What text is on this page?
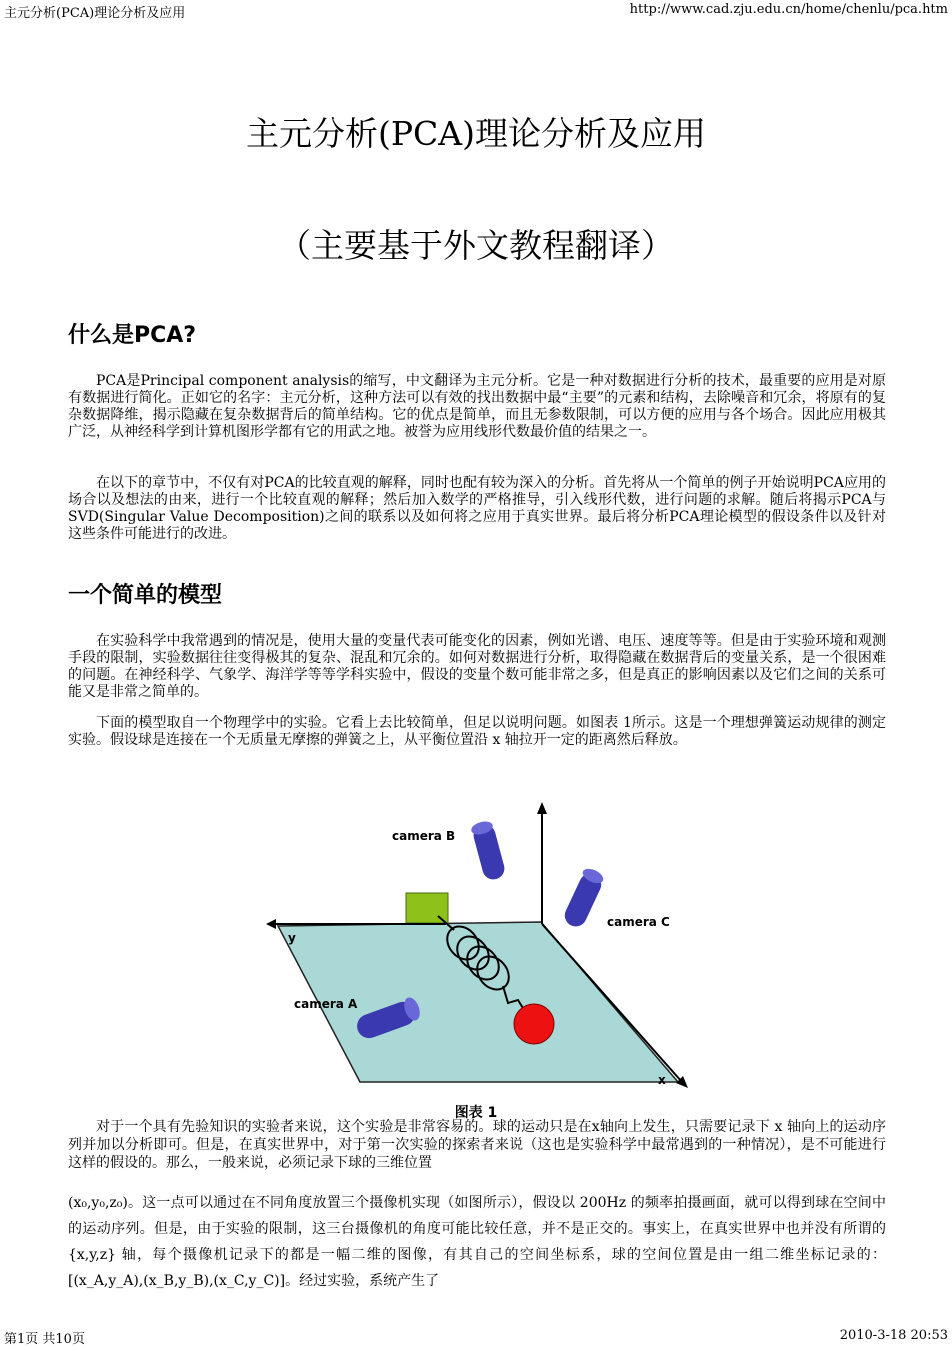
主元分析(PCA)理论分析及应用	http://www.cad.zju.edu.cn/home/chenlu/pca.htm
主元分析(PCA)理论分析及应用
（主要基于外文教程翻译）
什么是PCA?
PCA是Principal component analysis的缩写，中文翻译为主元分析。它是一种对数据进行分析的技术，最重要的应用是对原有数据进行简化。正如它的名字：主元分析，这种方法可以有效的找出数据中最“主要”的元素和结构，去除噪音和冗余，将原有的复杂数据降维，揭示隐藏在复杂数据背后的简单结构。它的优点是简单，而且无参数限制，可以方便的应用与各个场合。因此应用极其广泛，从神经科学到计算机图形学都有它的用武之地。被誉为应用线形代数最价值的结果之一。
在以下的章节中，不仅有对PCA的比较直观的解释，同时也配有较为深入的分析。首先将从一个简单的例子开始说明PCA应用的场合以及想法的由来，进行一个比较直观的解释；然后加入数学的严格推导，引入线形代数，进行问题的求解。随后将揭示PCA与SVD(Singular Value Decomposition)之间的联系以及如何将之应用于真实世界。最后将分析PCA理论模型的假设条件以及针对这些条件可能进行的改进。
一个简单的模型
在实验科学中我常遇到的情况是，使用大量的变量代表可能变化的因素，例如光谱、电压、速度等等。但是由于实验环境和观测手段的限制，实验数据往往变得极其的复杂、混乱和冗余的。如何对数据进行分析，取得隐藏在数据背后的变量关系，是一个很困难的问题。在神经科学、气象学、海洋学等等学科实验中，假设的变量个数可能非常之多，但是真正的影响因素以及它们之间的关系可能又是非常之简单的。
下面的模型取自一个物理学中的实验。它看上去比较简单，但足以说明问题。如图表 1所示。这是一个理想弹簧运动规律的测定实验。假设球是连接在一个无质量无摩擦的弹簧之上，从平衡位置沿 x 轴拉开一定的距离然后释放。
camera B
camera C
camera A
y
x
图表 1
对于一个具有先验知识的实验者来说，这个实验是非常容易的。球的运动只是在x轴向上发生，只需要记录下 x 轴向上的运动序列并加以分析即可。但是，在真实世界中，对于第一次实验的探索者来说（这也是实验科学中最常遇到的一种情况），是不可能进行这样的假设的。那么，一般来说，必须记录下球的三维位置
(x₀,y₀,z₀)。这一点可以通过在不同角度放置三个摄像机实现（如图所示），假设以 200Hz 的频率拍摄画面，就可以得到球在空间中的运动序列。但是，由于实验的限制，这三台摄像机的角度可能比较任意，并不是正交的。事实上，在真实世界中也并没有所谓的 {x,y,z} 轴，每个摄像机记录下的都是一幅二维的图像，有其自己的空间坐标系，球的空间位置是由一组二维坐标记录的：[(x_A,y_A),(x_B,y_B),(x_C,y_C)]。经过实验，系统产生了
第1页 共10页	2010-3-18 20:53
